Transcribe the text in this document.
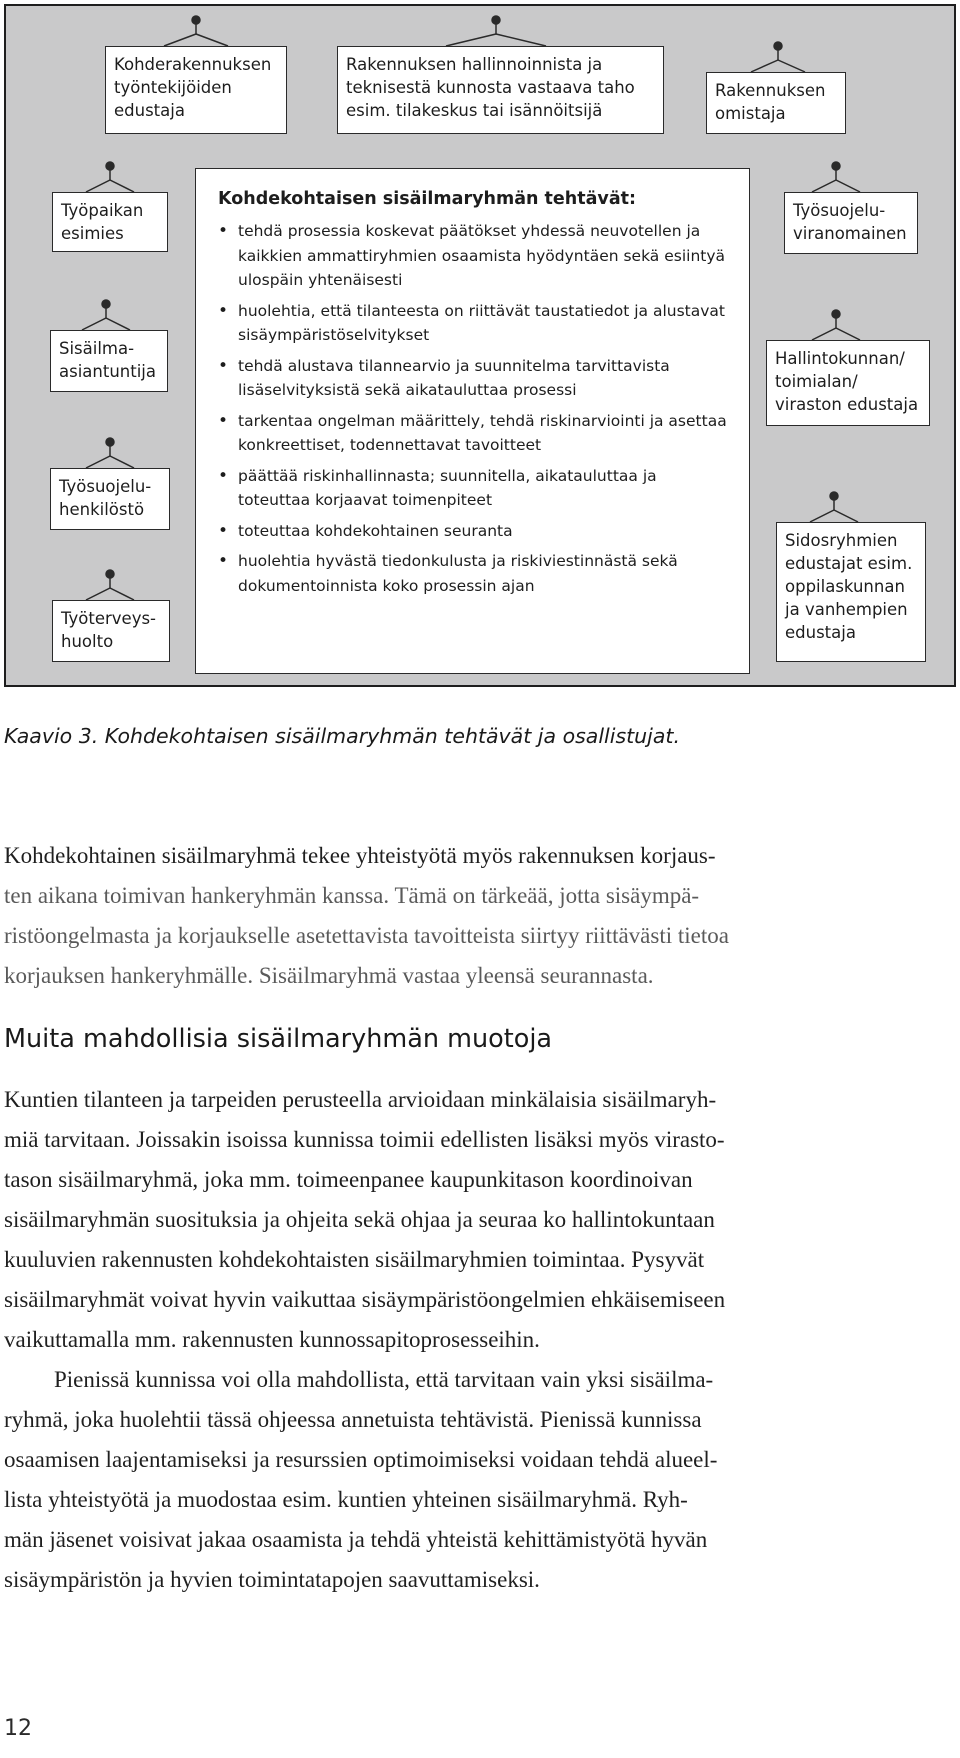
Kohderakennuksen
työntekijöiden
edustaja
Rakennuksen hallinnoinnista ja
teknisestä kunnosta vastaava taho
esim. tilakeskus tai isännöitsijä
Rakennuksen
omistaja
Työpaikan
esimies
Sisäilma-
asiantuntija
Työsuojelu-
henkilöstö
Työterveys-
huolto
Työsuojelu-
viranomainen
Hallintokunnan/
toimialan/
viraston edustaja
Sidosryhmien
edustajat esim.
oppilaskunnan
ja vanhempien
edustaja
Kohdekohtaisen sisäilmaryhmän tehtävät:
• tehdä prosessia koskevat päätökset yhdessä neuvotellen ja kaikkien ammattiryhmien osaamista hyödyntäen sekä esiintyä ulospäin yhtenäisesti
• huolehtia, että tilanteesta on riittävät taustatiedot ja alustavat sisäympäristöselvitykset
• tehdä alustava tilannearvio ja suunnitelma tarvittavista lisäselvityksistä sekä aikatauluttaa prosessi
• tarkentaa ongelman määrittely, tehdä riskinarviointi ja asettaa konkreettiset, todennettavat tavoitteet
• päättää riskinhallinnasta; suunnitella, aikatauluttaa ja toteuttaa korjaavat toimenpiteet
• toteuttaa kohdekohtainen seuranta
• huolehtia hyvästä tiedonkulusta ja riskiviestinnästä sekä dokumentoinnista koko prosessin ajan
Kaavio 3. Kohdekohtaisen sisäilmaryhmän tehtävät ja osallistujat.

Kohdekohtainen sisäilmaryhmä tekee yhteistyötä myös rakennuksen korjaus-
ten aikana toimivan hankeryhmän kanssa. Tämä on tärkeää, jotta sisäympä-
ristöongelmasta ja korjaukselle asetettavista tavoitteista siirtyy riittävästi tietoa
korjauksen hankeryhmälle. Sisäilmaryhmä vastaa yleensä seurannasta.

Muita mahdollisia sisäilmaryhmän muotoja

Kuntien tilanteen ja tarpeiden perusteella arvioidaan minkälaisia sisäilmaryh-
miä tarvitaan. Joissakin isoissa kunnissa toimii edellisten lisäksi myös virasto-
tason sisäilmaryhmä, joka mm. toimeenpanee kaupunkitason koordinoivan
sisäilmaryhmän suosituksia ja ohjeita sekä ohjaa ja seuraa ko hallintokuntaan
kuuluvien rakennusten kohdekohtaisten sisäilmaryhmien toimintaa. Pysyvät
sisäilmaryhmät voivat hyvin vaikuttaa sisäympäristöongelmien ehkäisemiseen
vaikuttamalla mm. rakennusten kunnossapitoprosesseihin.

Pienissä kunnissa voi olla mahdollista, että tarvitaan vain yksi sisäilma-
ryhmä, joka huolehtii tässä ohjeessa annetuista tehtävistä. Pienissä kunnissa
osaamisen laajentamiseksi ja resurssien optimoimiseksi voidaan tehdä alueel-
lista yhteistyötä ja muodostaa esim. kuntien yhteinen sisäilmaryhmä. Ryh-
män jäsenet voisivat jakaa osaamista ja tehdä yhteistä kehittämistyötä hyvän
sisäympäristön ja hyvien toimintatapojen saavuttamiseksi.

12
